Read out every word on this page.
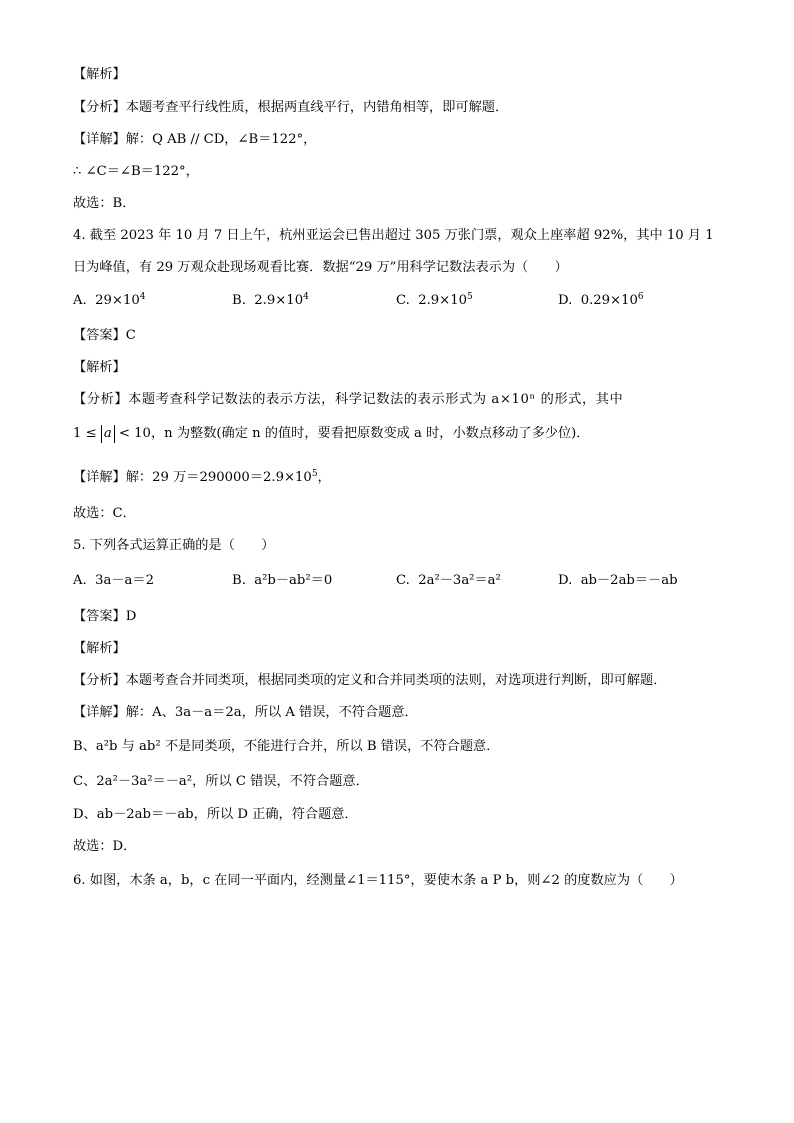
【解析】
【分析】本题考查平行线性质，根据两直线平行，内错角相等，即可解题．
【详解】解：Q AB // CD，∠B＝122°，
∴ ∠C＝∠B＝122°，
故选：B．
4. 截至 2023 年 10 月 7 日上午，杭州亚运会已售出超过 305 万张门票，观众上座率超 92%，其中 10 月 1
日为峰值，有 29 万观众赴现场观看比赛．数据“29 万”用科学记数法表示为（　　）
A. $29\times 10^4$	B. $2.9\times 10^4$	C. $2.9\times 10^5$	D. $0.29\times 10^6$
【答案】C
【解析】
【分析】本题考查科学记数法的表示方法，科学记数法的表示形式为 a×10ⁿ 的形式，其中
1 ≤ a < 10，n 为整数(确定 n 的值时，要看把原数变成 a 时，小数点移动了多少位)．
【详解】解：29 万$=290000=2.9\times 10^5$，
故选：C．
5. 下列各式运算正确的是（　　）
A. 3a－a＝2	B. a²b－ab²＝0	C. 2a²－3a²＝a²	D. ab－2ab＝－ab
【答案】D
【解析】
【分析】本题考查合并同类项，根据同类项的定义和合并同类项的法则，对选项进行判断，即可解题．
【详解】解：A、3a－a＝2a，所以 A 错误，不符合题意．
B、a²b 与 ab² 不是同类项，不能进行合并，所以 B 错误，不符合题意．
C、2a²－3a²＝－a²，所以 C 错误，不符合题意．
D、ab－2ab＝－ab，所以 D 正确，符合题意．
故选：D．
6. 如图，木条 a，b，c 在同一平面内，经测量∠1＝115°，要使木条 a P b，则∠2 的度数应为（　　）
